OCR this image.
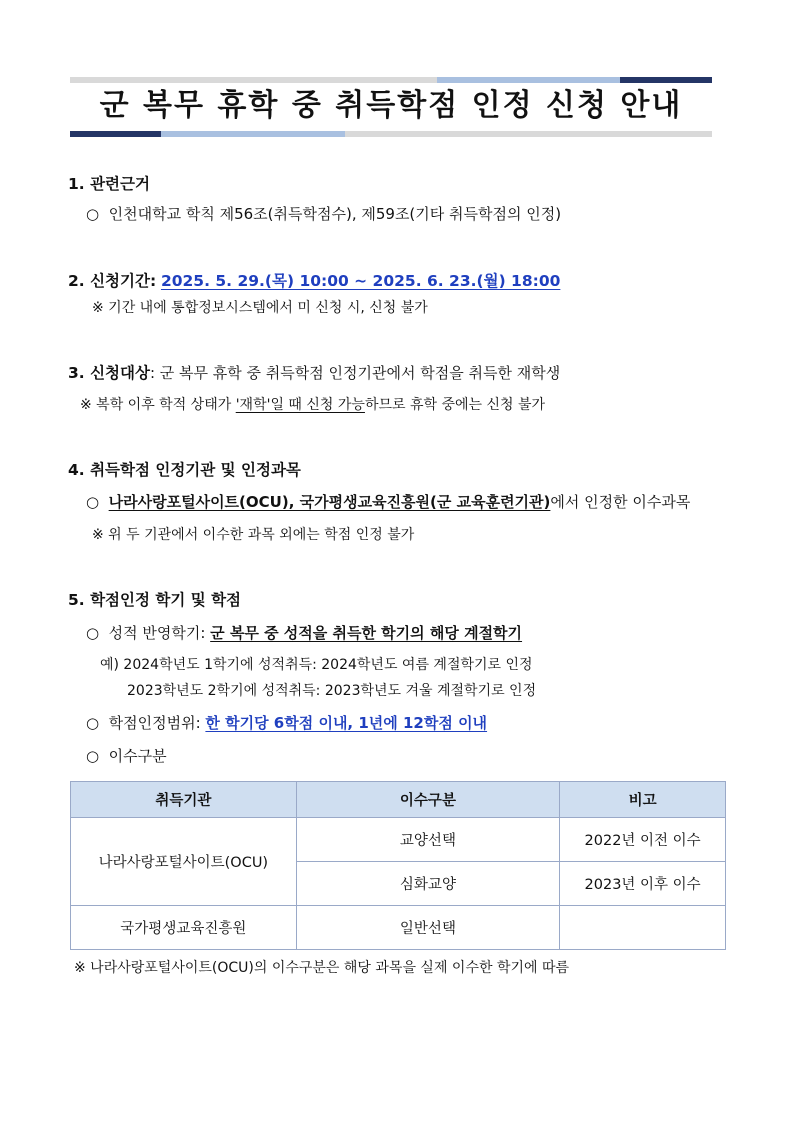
군 복무 휴학 중 취득학점 인정 신청 안내
1. 관련근거
○ 인천대학교 학칙 제56조(취득학점수), 제59조(기타 취득학점의 인정)
2. 신청기간: 2025. 5. 29.(목) 10:00 ~ 2025. 6. 23.(월) 18:00
※ 기간 내에 통합정보시스템에서 미 신청 시, 신청 불가
3. 신청대상: 군 복무 휴학 중 취득학점 인정기관에서 학점을 취득한 재학생
※ 복학 이후 학적 상태가 '재학'일 때 신청 가능하므로 휴학 중에는 신청 불가
4. 취득학점 인정기관 및 인정과목
○ 나라사랑포털사이트(OCU), 국가평생교육진흥원(군 교육훈련기관)에서 인정한 이수과목
※ 위 두 기관에서 이수한 과목 외에는 학점 인정 불가
5. 학점인정 학기 및 학점
○ 성적 반영학기: 군 복무 중 성적을 취득한 학기의 해당 계절학기
예) 2024학년도 1학기에 성적취득: 2024학년도 여름 계절학기로 인정
2023학년도 2학기에 성적취득: 2023학년도 겨울 계절학기로 인정
○ 학점인정범위: 한 학기당 6학점 이내, 1년에 12학점 이내
○ 이수구분
취득기관	이수구분	비고
나라사랑포털사이트(OCU)	교양선택	2022년 이전 이수
	심화교양	2023년 이후 이수
국가평생교육진흥원	일반선택	
※ 나라사랑포털사이트(OCU)의 이수구분은 해당 과목을 실제 이수한 학기에 따름
